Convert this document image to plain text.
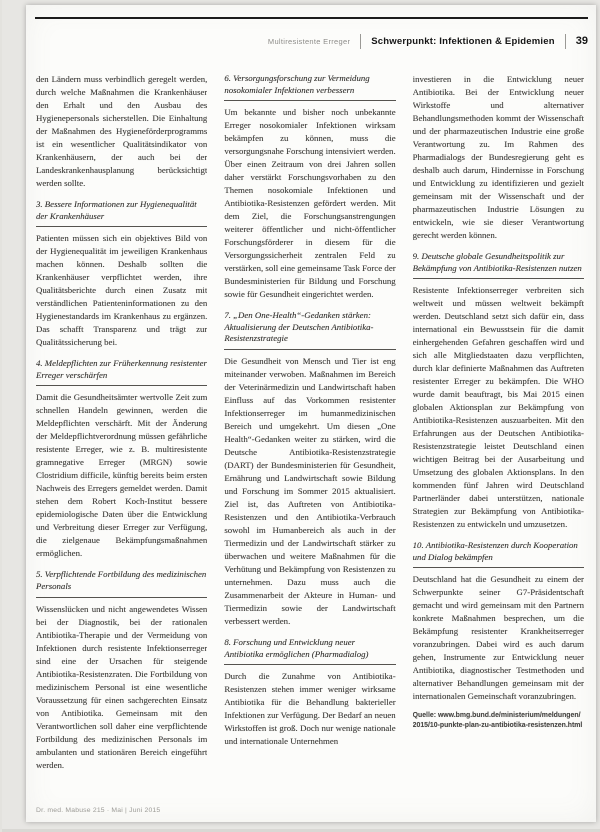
Multiresistente Erreger Schwerpunkt: Infektionen & Epidemien 39

den Ländern muss verbindlich geregelt werden, durch welche Maßnahmen die Krankenhäuser den Erhalt und den Ausbau des Hygienepersonals sicherstellen. Die Einhaltung der Maßnahmen des Hygieneförderprogramms ist ein wesentlicher Qualitätsindikator von Krankenhäusern, der auch bei der Landeskrankenhausplanung berücksichtigt werden sollte.

3. Bessere Informationen zur Hygienequalität der Krankenhäuser

Patienten müssen sich ein objektives Bild von der Hygienequalität im jeweiligen Krankenhaus machen können. Deshalb sollten die Krankenhäuser verpflichtet werden, ihre Qualitätsberichte durch einen Zusatz mit verständlichen Patienteninformationen zu den Hygienestandards im Krankenhaus zu ergänzen. Das schafft Transparenz und trägt zur Qualitätssicherung bei.

4. Meldepflichten zur Früherkennung resistenter Erreger verschärfen

Damit die Gesundheitsämter wertvolle Zeit zum schnellen Handeln gewinnen, werden die Meldepflichten verschärft. Mit der Änderung der Meldepflichtverordnung müssen gefährliche resistente Erreger, wie z. B. multiresistente gramnegative Erreger (MRGN) sowie Clostridium difficile, künftig bereits beim ersten Nachweis des Erregers gemeldet werden. Damit stehen dem Robert Koch-Institut bessere epidemiologische Daten über die Entwicklung und Verbreitung dieser Erreger zur Verfügung, die zielgenaue Bekämpfungsmaßnahmen ermöglichen.

5. Verpflichtende Fortbildung des medizinischen Personals

Wissenslücken und nicht angewendetes Wissen bei der Diagnostik, bei der rationalen Antibiotika-Therapie und der Vermeidung von Infektionen durch resistente Infektionserreger sind eine der Ursachen für steigende Antibiotika-Resistenzraten. Die Fortbildung von medizinischem Personal ist eine wesentliche Voraussetzung für einen sachgerechten Einsatz von Antibiotika. Gemeinsam mit den Verantwortlichen soll daher eine verpflichtende Fortbildung des medizinischen Personals im ambulanten und stationären Bereich eingeführt werden.

6. Versorgungsforschung zur Vermeidung nosokomialer Infektionen verbessern

Um bekannte und bisher noch unbekannte Erreger nosokomialer Infektionen wirksam bekämpfen zu können, muss die versorgungsnahe Forschung intensiviert werden. Über einen Zeitraum von drei Jahren sollen daher verstärkt Forschungsvorhaben zu den Themen nosokomiale Infektionen und Antibiotika-Resistenzen gefördert werden. Mit dem Ziel, die Forschungsanstrengungen weiterer öffentlicher und nicht-öffentlicher Forschungsförderer in diesem für die Versorgungssicherheit zentralen Feld zu verstärken, soll eine gemeinsame Task Force der Bundesministerien für Bildung und Forschung sowie für Gesundheit eingerichtet werden.

7. „Den One-Health“-Gedanken stärken: Aktualisierung der Deutschen Antibiotika-Resistenzstrategie

Die Gesundheit von Mensch und Tier ist eng miteinander verwoben. Maßnahmen im Bereich der Veterinärmedizin und Landwirtschaft haben Einfluss auf das Vorkommen resistenter Infektionserreger im humanmedizinischen Bereich und umgekehrt. Um diesen „One Health“-Gedanken weiter zu stärken, wird die Deutsche Antibiotika-Resistenzstrategie (DART) der Bundesministerien für Gesundheit, Ernährung und Landwirtschaft sowie Bildung und Forschung im Sommer 2015 aktualisiert. Ziel ist, das Auftreten von Antibiotika-Resistenzen und den Antibiotika-Verbrauch sowohl im Humanbereich als auch in der Tiermedizin und der Landwirtschaft stärker zu überwachen und weitere Maßnahmen für die Verhütung und Bekämpfung von Resistenzen zu unternehmen. Dazu muss auch die Zusammenarbeit der Akteure in Human- und Tiermedizin sowie der Landwirtschaft verbessert werden.

8. Forschung und Entwicklung neuer Antibiotika ermöglichen (Pharmadialog)

Durch die Zunahme von Antibiotika-Resistenzen stehen immer weniger wirksame Antibiotika für die Behandlung bakterieller Infektionen zur Verfügung. Der Bedarf an neuen Wirkstoffen ist groß. Doch nur wenige nationale und internationale Unternehmen

investieren in die Entwicklung neuer Antibiotika. Bei der Entwicklung neuer Wirkstoffe und alternativer Behandlungsmethoden kommt der Wissenschaft und der pharmazeutischen Industrie eine große Verantwortung zu. Im Rahmen des Pharmadialogs der Bundesregierung geht es deshalb auch darum, Hindernisse in Forschung und Entwicklung zu identifizieren und gezielt gemeinsam mit der Wissenschaft und der pharmazeutischen Industrie Lösungen zu entwickeln, wie sie dieser Verantwortung gerecht werden können.

9. Deutsche globale Gesundheitspolitik zur Bekämpfung von Antibiotika-Resistenzen nutzen

Resistente Infektionserreger verbreiten sich weltweit und müssen weltweit bekämpft werden. Deutschland setzt sich dafür ein, dass international ein Bewusstsein für die damit einhergehenden Gefahren geschaffen wird und sich alle Mitgliedstaaten dazu verpflichten, durch klar definierte Maßnahmen das Auftreten resistenter Erreger zu bekämpfen. Die WHO wurde damit beauftragt, bis Mai 2015 einen globalen Aktionsplan zur Bekämpfung von Antibiotika-Resistenzen auszuarbeiten. Mit den Erfahrungen aus der Deutschen Antibiotika-Resistenzstrategie leistet Deutschland einen wichtigen Beitrag bei der Ausarbeitung und Umsetzung des globalen Aktionsplans. In den kommenden fünf Jahren wird Deutschland Partnerländer dabei unterstützen, nationale Strategien zur Bekämpfung von Antibiotika-Resistenzen zu entwickeln und umzusetzen.

10. Antibiotika-Resistenzen durch Kooperation und Dialog bekämpfen

Deutschland hat die Gesundheit zu einem der Schwerpunkte seiner G7-Präsidentschaft gemacht und wird gemeinsam mit den Partnern konkrete Maßnahmen besprechen, um die Bekämpfung resistenter Krankheitserreger voranzubringen. Dabei wird es auch darum gehen, Instrumente zur Entwicklung neuer Antibiotika, diagnostischer Testmethoden und alternativer Behandlungen gemeinsam mit der internationalen Gemeinschaft voranzubringen.

Quelle: www.bmg.bund.de/ministerium/meldungen/2015/10-punkte-plan-zu-antibiotika-resistenzen.html
Dr. med. Mabuse 215 · Mai | Juni 2015
